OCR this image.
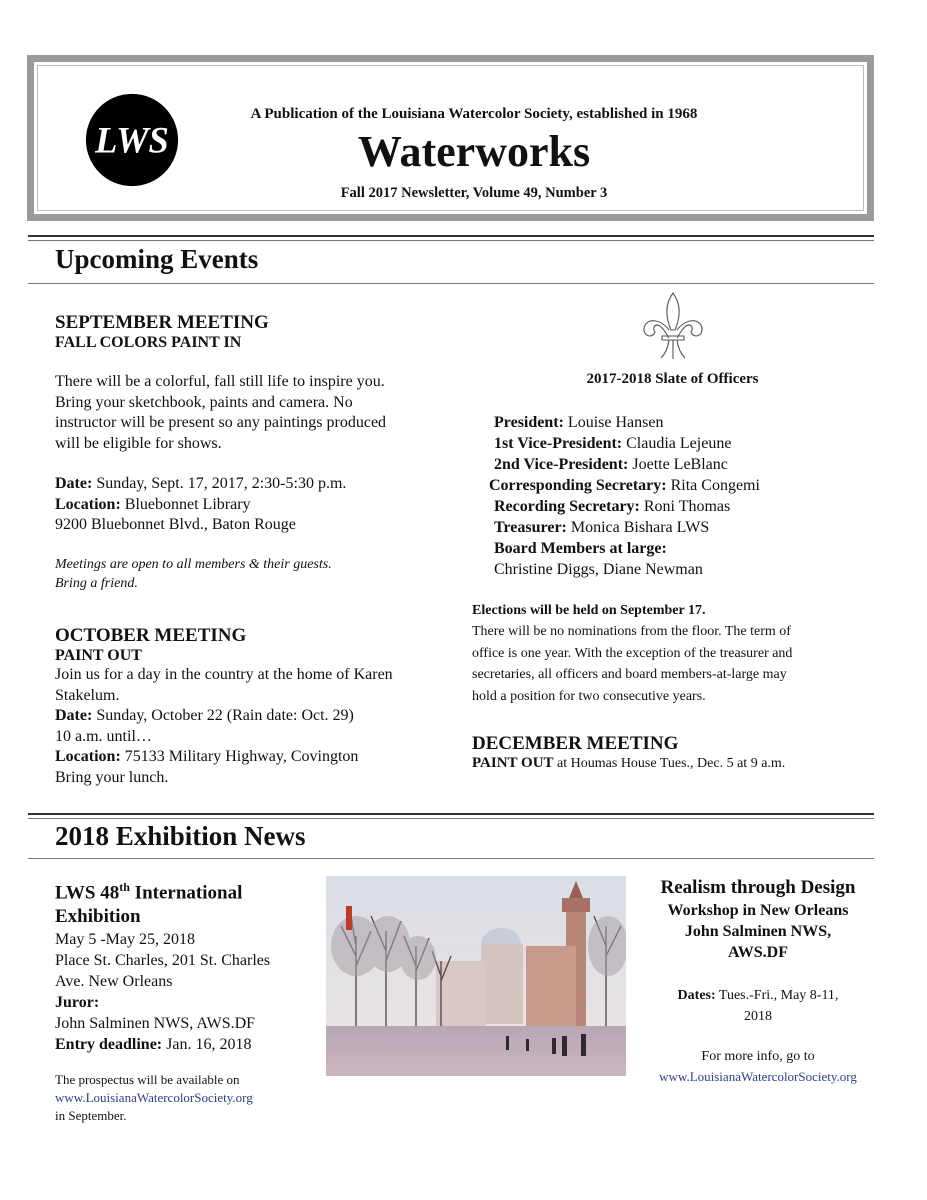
LWS
A Publication of the Louisiana Watercolor Society, established in 1968
Waterworks
Fall 2017 Newsletter, Volume 49, Number 3
Upcoming Events
SEPTEMBER MEETING
FALL COLORS PAINT IN
There will be a colorful, fall still life to inspire you.
Bring your sketchbook, paints and camera. No
instructor will be present so any paintings produced
will be eligible for shows.
Date: Sunday, Sept. 17, 2017, 2:30-5:30 p.m.
Location: Bluebonnet Library
9200 Bluebonnet Blvd., Baton Rouge
Meetings are open to all members & their guests.
Bring a friend.
OCTOBER MEETING
PAINT OUT
Join us for a day in the country at the home of Karen
Stakelum.
Date: Sunday, October 22 (Rain date: Oct. 29)
10 a.m. until…
Location: 75133 Military Highway, Covington
Bring your lunch.
2017-2018 Slate of Officers
President: Louise Hansen
1st Vice-President: Claudia Lejeune
2nd Vice-President: Joette LeBlanc
Corresponding Secretary: Rita Congemi
Recording Secretary: Roni Thomas
Treasurer: Monica Bishara LWS
Board Members at large:
Christine Diggs, Diane Newman
Elections will be held on September 17.
There will be no nominations from the floor. The term of
office is one year. With the exception of the treasurer and
secretaries, all officers and board members-at-large may
hold a position for two consecutive years.
DECEMBER MEETING
PAINT OUT at Houmas House Tues., Dec. 5 at 9 a.m.
2018 Exhibition News
LWS 48th International
Exhibition
May 5 -May 25, 2018
Place St. Charles, 201 St. Charles
Ave. New Orleans
Juror:
John Salminen NWS, AWS.DF
Entry deadline: Jan. 16, 2018
The prospectus will be available on
www.LouisianaWatercolorSociety.org
in September.
Realism through Design
Workshop in New Orleans
John Salminen NWS,
AWS.DF
Dates: Tues.-Fri., May 8-11,
2018
For more info, go to
www.LouisianaWatercolorSociety.org
